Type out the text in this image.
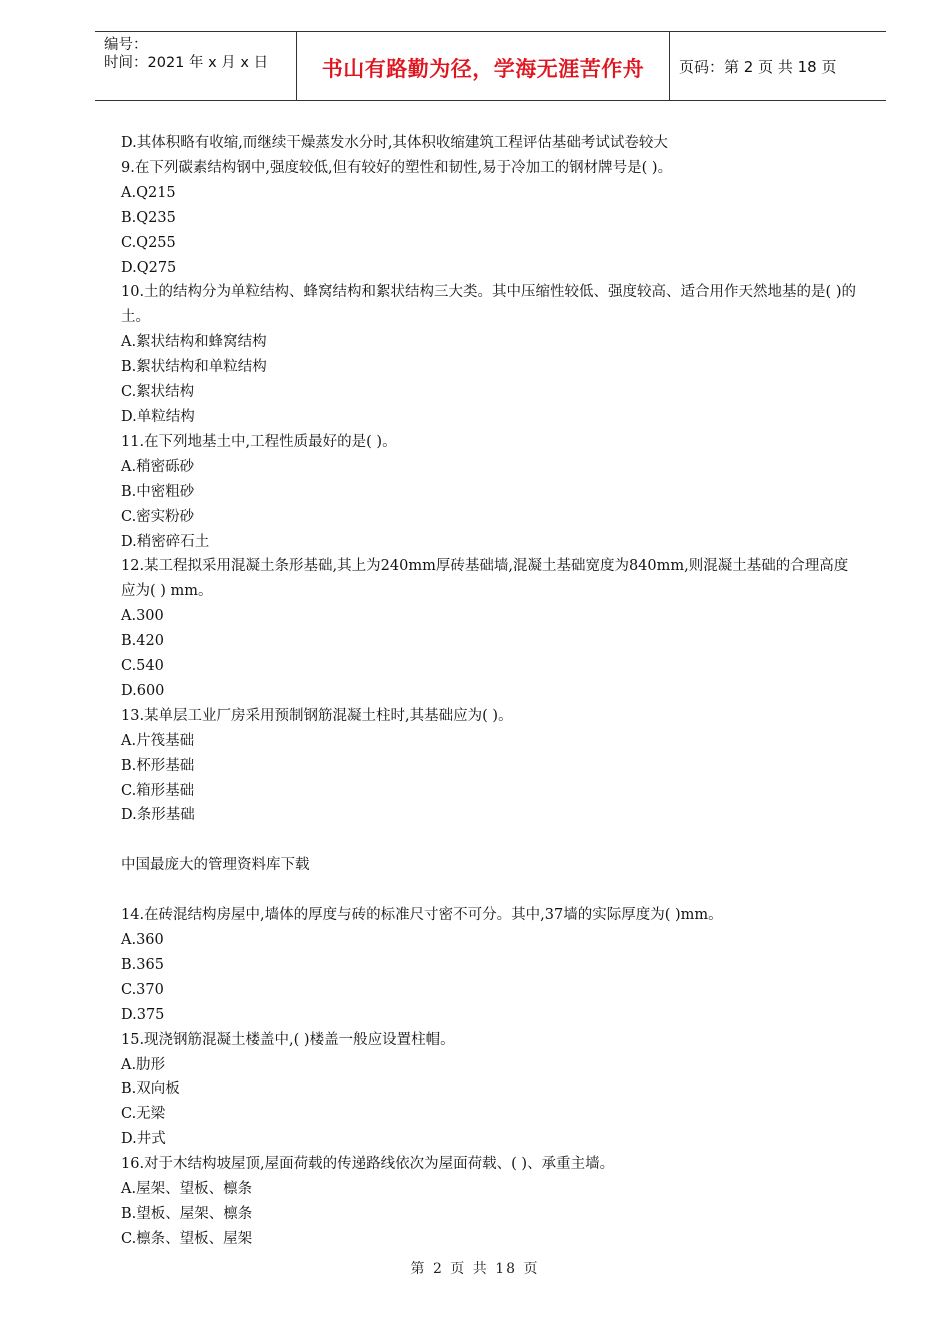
编号：
时间：2021 年 x 月 x 日	书山有路勤为径，学海无涯苦作舟	页码：第 2 页 共 18 页
D.其体积略有收缩,而继续干燥蒸发水分时,其体积收缩建筑工程评估基础考试试卷较大
9.在下列碳素结构钢中,强度较低,但有较好的塑性和韧性,易于冷加工的钢材牌号是( )。
A.Q215
B.Q235
C.Q255
D.Q275
10.土的结构分为单粒结构、蜂窝结构和絮状结构三大类。其中压缩性较低、强度较高、适合用作天然地基的是( )的土。
A.絮状结构和蜂窝结构
B.絮状结构和单粒结构
C.絮状结构
D.单粒结构
11.在下列地基土中,工程性质最好的是( )。
A.稍密砾砂
B.中密粗砂
C.密实粉砂
D.稍密碎石土
12.某工程拟采用混凝土条形基础,其上为240mm厚砖基础墙,混凝土基础宽度为840mm,则混凝土基础的合理高度应为( ) mm。
A.300
B.420
C.540
D.600
13.某单层工业厂房采用预制钢筋混凝土柱时,其基础应为( )。
A.片筏基础
B.杯形基础
C.箱形基础
D.条形基础
中国最庞大的管理资料库下载
14.在砖混结构房屋中,墙体的厚度与砖的标准尺寸密不可分。其中,37墙的实际厚度为( )mm。
A.360
B.365
C.370
D.375
15.现浇钢筋混凝土楼盖中,( )楼盖一般应设置柱帽。
A.肋形
B.双向板
C.无梁
D.井式
16.对于木结构坡屋顶,屋面荷载的传递路线依次为屋面荷载、( )、承重主墙。
A.屋架、望板、檩条
B.望板、屋架、檩条
C.檩条、望板、屋架
第 2 页 共 18 页
